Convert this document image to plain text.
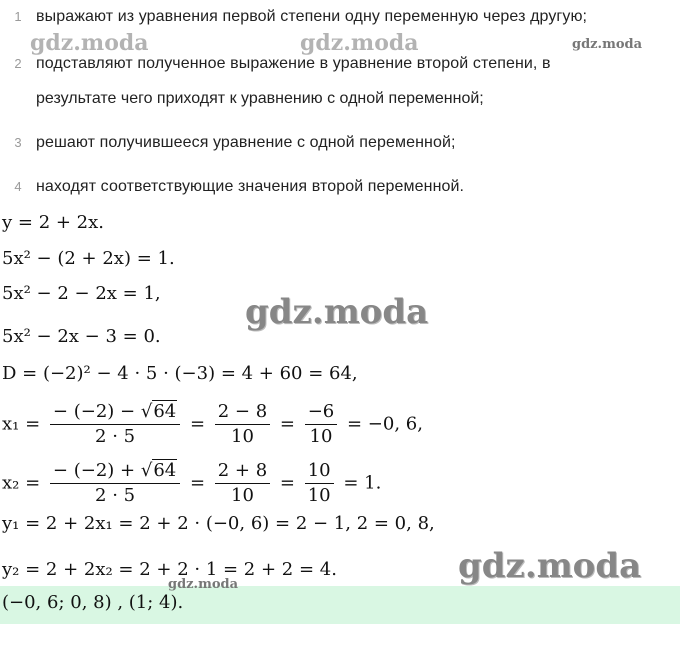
1 выражают из уравнения первой степени одну переменную через другую;
2 подставляют полученное выражение в уравнение второй степени, в
результате чего приходят к уравнению с одной переменной;
3 решают получившееся уравнение с одной переменной;
4 находят соответствующие значения второй переменной.
y = 2 + 2x.
5x² − (2 + 2x) = 1.
5x² − 2 − 2x = 1,
5x² − 2x − 3 = 0.
D = (−2)² − 4 · 5 · (−3) = 4 + 60 = 64,
$x_1 = \frac{- (-2) - √64}{2 \cdot 5} = \frac{2 - 8}{10} = \frac{-6}{10} = -0$, 6,
$x_2 = \frac{- (-2) + √64}{2 \cdot 5} = \frac{2 + 8}{10} = \frac{10}{10} = 1$.
y₁ = 2 + 2x₁ = 2 + 2 · (−0, 6) = 2 − 1, 2 = 0, 8,
y₂ = 2 + 2x₂ = 2 + 2 · 1 = 2 + 2 = 4.
(−0, 6; 0, 8) , (1; 4).
gdz.moda	gdz.moda	gdz.moda
gdz.moda
gdz.moda
gdz.moda
